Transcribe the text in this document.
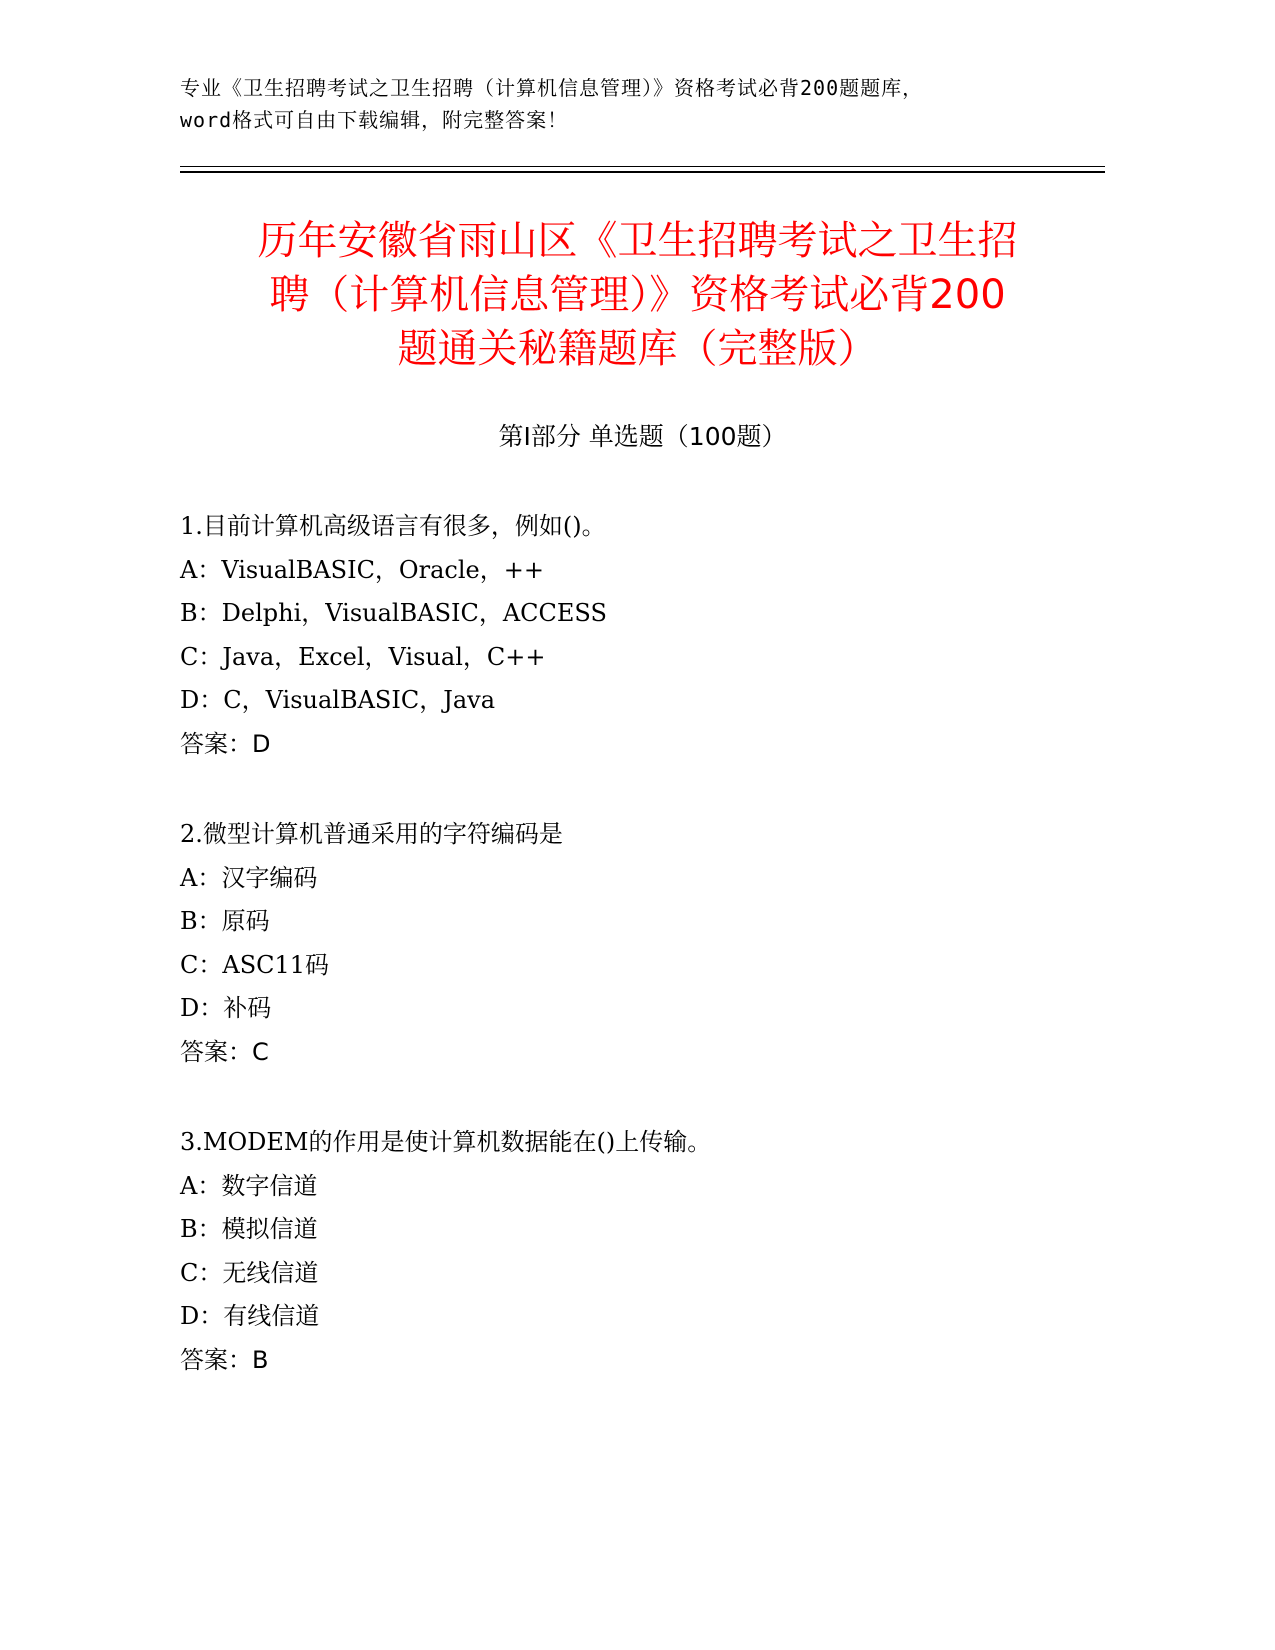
专业《卫生招聘考试之卫生招聘（计算机信息管理）》资格考试必背200题题库，
word格式可自由下载编辑，附完整答案！
历年安徽省雨山区《卫生招聘考试之卫生招
聘（计算机信息管理）》资格考试必背200
题通关秘籍题库（完整版）
第Ⅰ部分 单选题（100题）
1.目前计算机高级语言有很多，例如()。
A：VisualBASIC，Oracle，++
B：Delphi，VisualBASIC，ACCESS
C：Java，Excel，Visual，C++
D：C，VisualBASIC，Java
答案：D
2.微型计算机普通采用的字符编码是
A：汉字编码
B：原码
C：ASC11码
D：补码
答案：C
3.MODEM的作用是使计算机数据能在()上传输。
A：数字信道
B：模拟信道
C：无线信道
D：有线信道
答案：B
